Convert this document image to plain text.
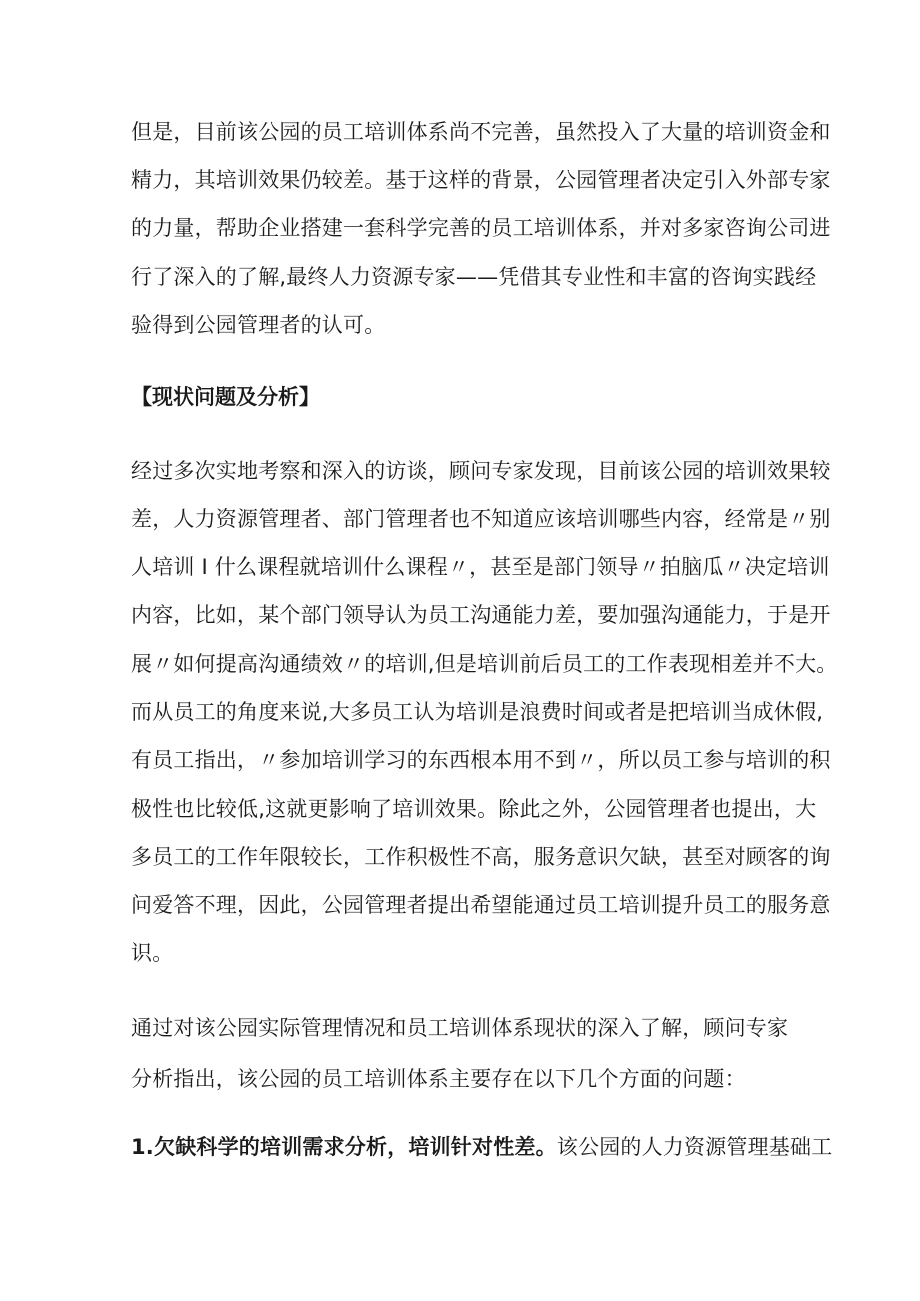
但是，目前该公园的员工培训体系尚不完善，虽然投入了大量的培训资金和
精力，其培训效果仍较差。基于这样的背景，公园管理者决定引入外部专家
的力量，帮助企业搭建一套科学完善的员工培训体系，并对多家咨询公司进
行了深入的了解,最终人力资源专家——凭借其专业性和丰富的咨询实践经
验得到公园管理者的认可。
【现状问题及分析】
经过多次实地考察和深入的访谈，顾问专家发现，目前该公园的培训效果较
差，人力资源管理者、部门管理者也不知道应该培训哪些内容，经常是〃别
人培训 I 什么课程就培训什么课程〃，甚至是部门领导〃拍脑瓜〃决定培训
内容，比如，某个部门领导认为员工沟通能力差，要加强沟通能力，于是开
展〃如何提高沟通绩效〃的培训,但是培训前后员工的工作表现相差并不大。
而从员工的角度来说,大多员工认为培训是浪费时间或者是把培训当成休假,
有员工指出，〃参加培训学习的东西根本用不到〃，所以员工参与培训的积
极性也比较低,这就更影响了培训效果。除此之外，公园管理者也提出，大
多员工的工作年限较长，工作积极性不高，服务意识欠缺，甚至对顾客的询
问爱答不理，因此，公园管理者提出希望能通过员工培训提升员工的服务意
识。
通过对该公园实际管理情况和员工培训体系现状的深入了解，顾问专家
分析指出，该公园的员工培训体系主要存在以下几个方面的问题：
1.欠缺科学的培训需求分析，培训针对性差。该公园的人力资源管理基础工
